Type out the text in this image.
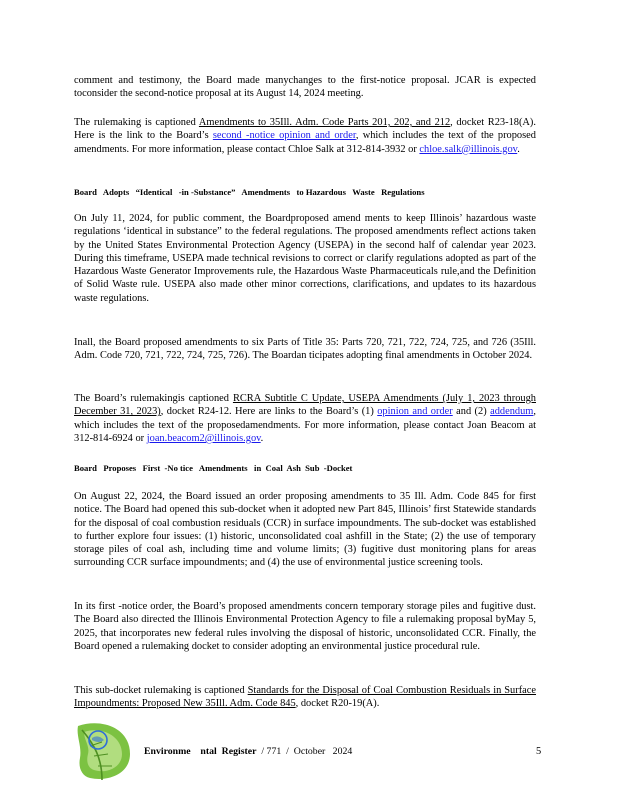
comment and testimony, the Board made manychanges to the first-notice proposal. JCAR is expected toconsider the second-notice proposal at its August 14, 2024 meeting.

The rulemaking is captioned Amendments to 35Ill. Adm. Code Parts 201, 202, and 212, docket R23-18(A). Here is the link to the Board’s second -notice opinion and order, which includes the text of the proposed amendments. For more information, please contact Chloe Salk at 312-814-3932 or chloe.salk@illinois.gov.

Board   Adopts   “Identical   -in -Substance”   Amendments   to Hazardous   Waste   Regulations

On July 11, 2024, for public comment, the Boardproposed amend ments to keep Illinois’ hazardous waste regulations ‘identical in substance” to the federal regulations. The proposed amendments reflect actions taken by the United States Environmental Protection Agency (USEPA) in the second half of calendar year 2023. During this timeframe, USEPA made technical revisions to correct or clarify regulations adopted as part of the Hazardous Waste Generator Improvements rule, the Hazardous Waste Pharmaceuticals rule,and the Definition of Solid Waste rule. USEPA also made other minor corrections, clarifications, and updates to its hazardous waste regulations.

Inall, the Board proposed amendments to six Parts of Title 35: Parts 720, 721, 722, 724, 725, and 726 (35Ill. Adm. Code 720, 721, 722, 724, 725, 726). The Boardan ticipates adopting final amendments in October 2024.

The Board’s rulemakingis captioned RCRA Subtitle C Update, USEPA Amendments (July 1, 2023 through December 31, 2023), docket R24-12. Here are links to the Board’s (1) opinion and order and (2) addendum, which includes the text of the proposedamendments. For more information, please contact Joan Beacom at 312-814-6924 or joan.beacom2@illinois.gov.

Board   Proposes   First  -No tice   Amendments   in  Coal  Ash  Sub  -Docket

On August 22, 2024, the Board issued an order proposing amendments to 35 Ill. Adm. Code 845 for first notice. The Board had opened this sub-docket when it adopted new Part 845, Illinois’ first Statewide standards for the disposal of coal combustion residuals (CCR) in surface impoundments. The sub-docket was established to further explore four issues: (1) historic, unconsolidated coal ashfill in the State; (2) the use of temporary storage piles of coal ash, including time and volume limits; (3) fugitive dust monitoring plans for areas surrounding CCR surface impoundments; and (4) the use of environmental justice screening tools.

In its first -notice order, the Board’s proposed amendments concern temporary storage piles and fugitive dust. The Board also directed the Illinois Environmental Protection Agency to file a rulemaking proposal byMay 5, 2025, that incorporates new federal rules involving the disposal of historic, unconsolidated CCR. Finally, the Board opened a rulemaking docket to consider adopting an environmental justice procedural rule.

This sub-docket rulemaking is captioned Standards for the Disposal of Coal Combustion Residuals in Surface Impoundments: Proposed New 35Ill. Adm. Code 845, docket R20-19(A).

Environme    ntal  Register  / 771  /  October   2024	5
